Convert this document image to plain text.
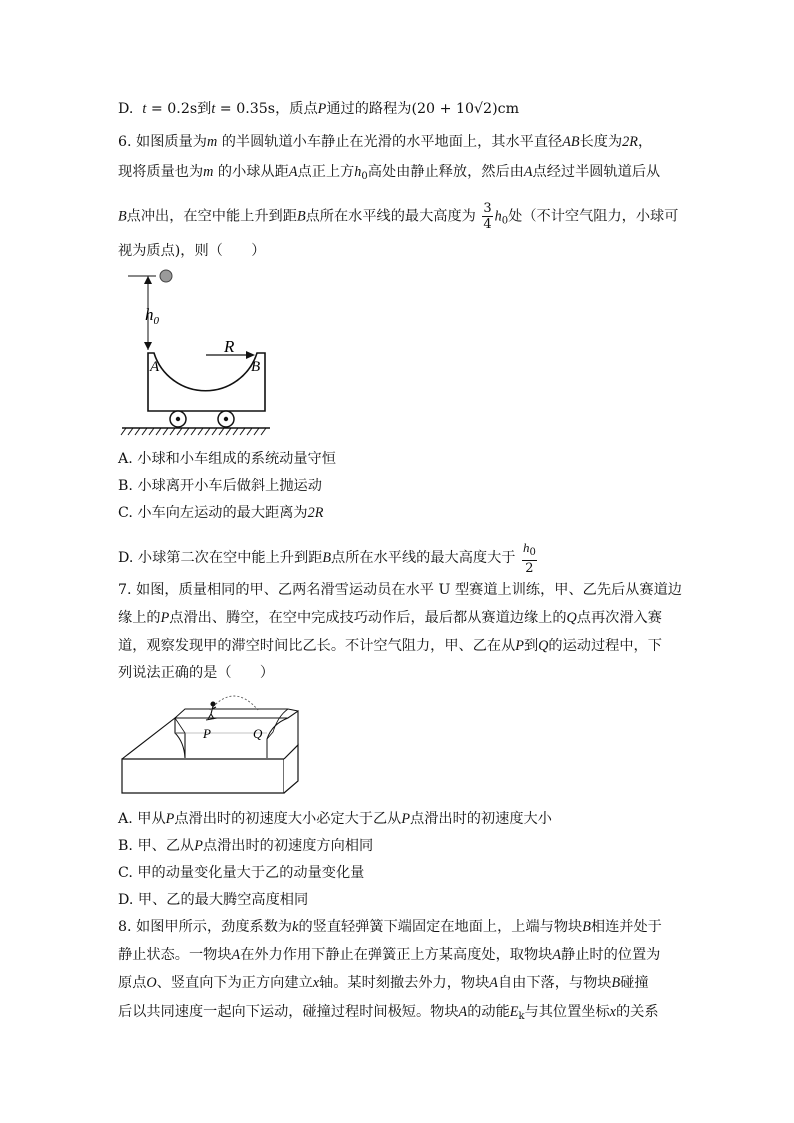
D. t = 0.2s到t = 0.35s，质点P通过的路程为(20 + 10√2)cm
6. 如图质量为m 的半圆轨道小车静止在光滑的水平地面上，其水平直径AB长度为2R，
现将质量也为m 的小球从距A点正上方$h_0$高处由静止释放，然后由A点经过半圆轨道后从
B点冲出，在空中能上升到距B点所在水平线的最大高度为 $\frac{3}{4} h_0$处（不计空气阻力，小球可
视为质点)，则（　　）
$h_0$
R
A	B
A. 小球和小车组成的系统动量守恒
B. 小球离开小车后做斜上抛运动
C. 小车向左运动的最大距离为2R
D. 小球第二次在空中能上升到距B点所在水平线的最大高度大于 $\frac{h_0}{2}$
7. 如图，质量相同的甲、乙两名滑雪运动员在水平 U 型赛道上训练，甲、乙先后从赛道边
缘上的P点滑出、腾空，在空中完成技巧动作后，最后都从赛道边缘上的Q点再次滑入赛
道，观察发现甲的滞空时间比乙长。不计空气阻力，甲、乙在从P到Q的运动过程中，下
列说法正确的是（　　）
P	Q
A. 甲从P点滑出时的初速度大小必定大于乙从P点滑出时的初速度大小
B. 甲、乙从P点滑出时的初速度方向相同
C. 甲的动量变化量大于乙的动量变化量
D. 甲、乙的最大腾空高度相同
8. 如图甲所示，劲度系数为k的竖直轻弹簧下端固定在地面上，上端与物块B相连并处于
静止状态。一物块A在外力作用下静止在弹簧正上方某高度处，取物块A静止时的位置为
原点O、竖直向下为正方向建立x轴。某时刻撤去外力，物块A自由下落，与物块B碰撞
后以共同速度一起向下运动，碰撞过程时间极短。物块A的动能$E_k$与其位置坐标x的关系
